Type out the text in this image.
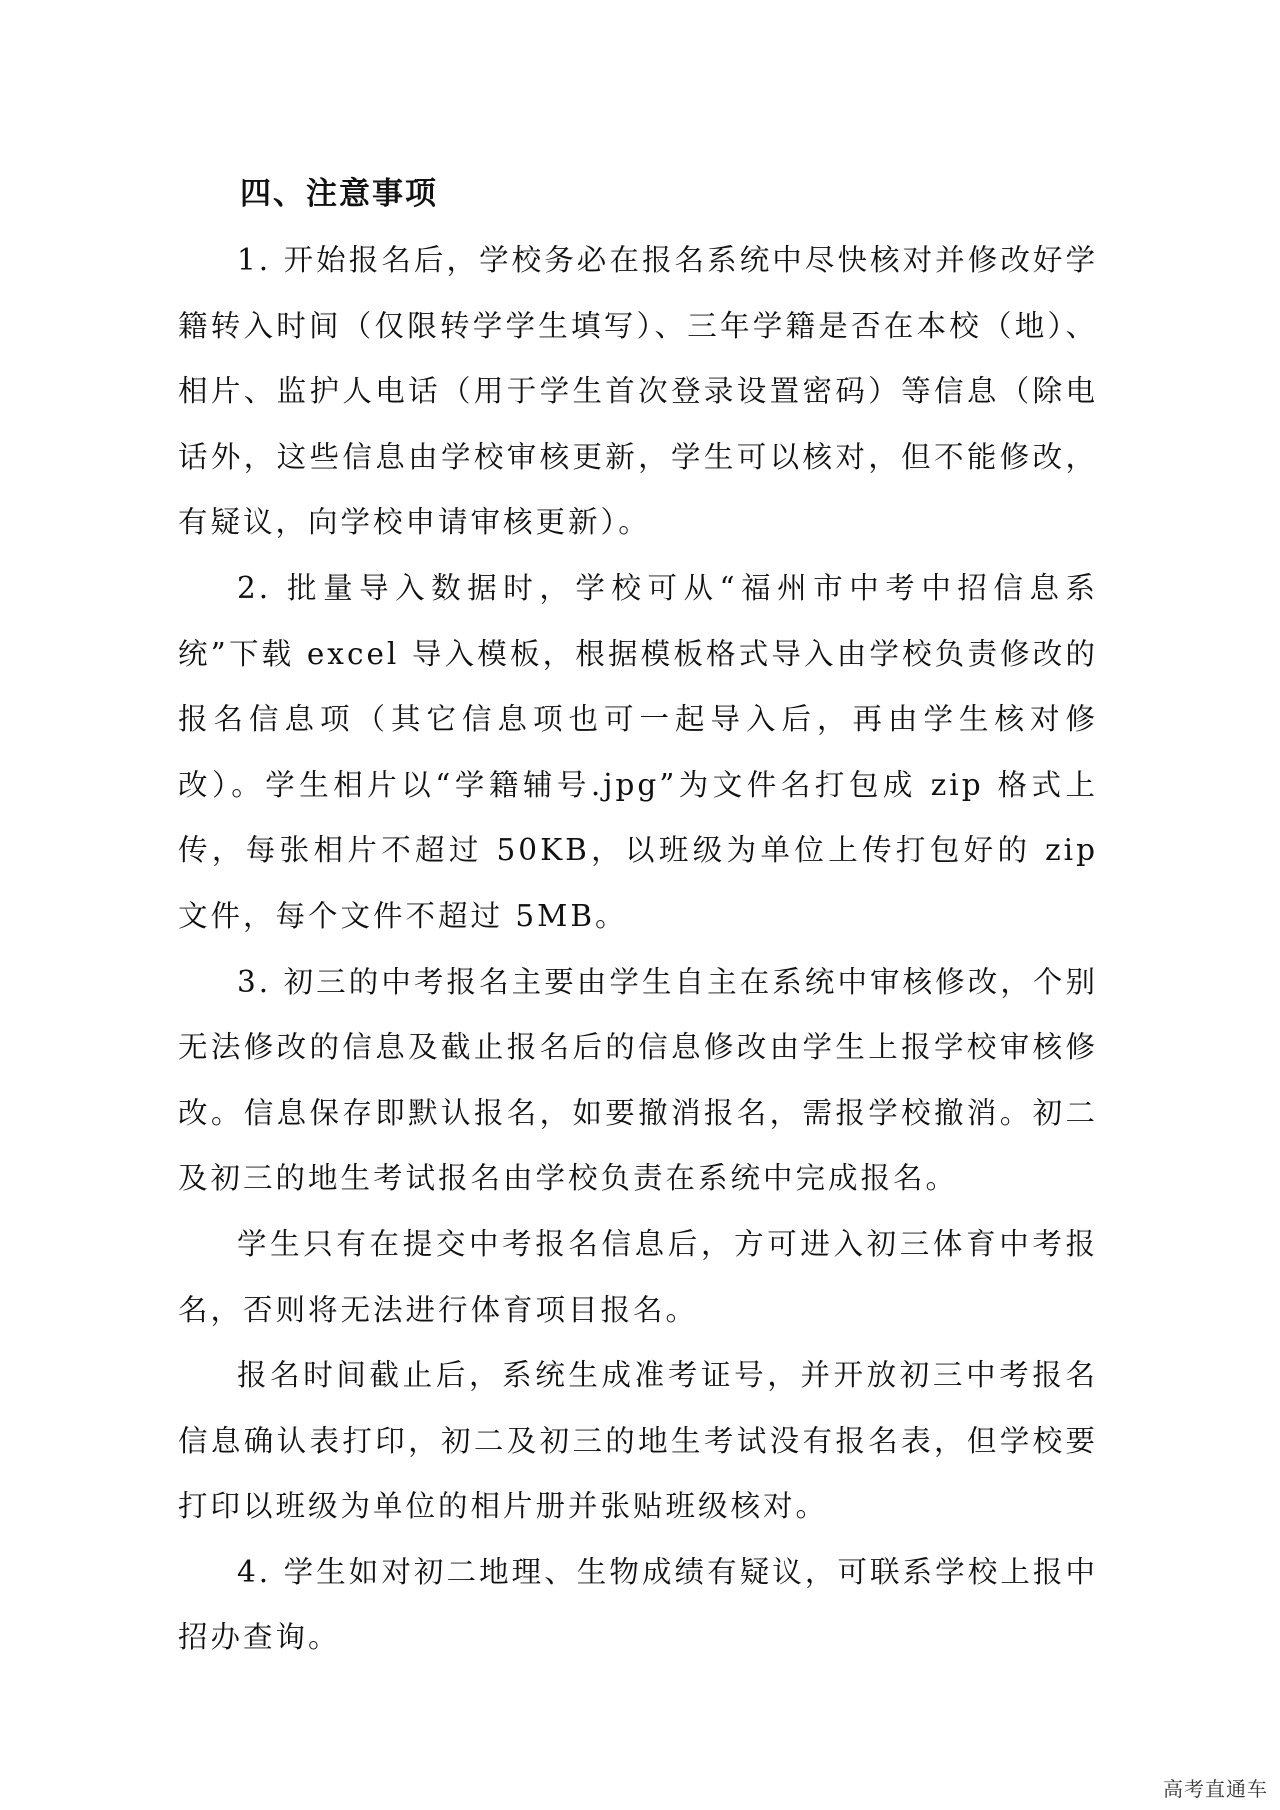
四、注意事项

1. 开始报名后，学校务必在报名系统中尽快核对并修改好学籍转入时间（仅限转学学生填写）、三年学籍是否在本校（地）、相片、监护人电话（用于学生首次登录设置密码）等信息（除电话外，这些信息由学校审核更新，学生可以核对，但不能修改，有疑议，向学校申请审核更新）。

2. 批量导入数据时，学校可从“福州市中考中招信息系统”下载 excel 导入模板，根据模板格式导入由学校负责修改的报名信息项（其它信息项也可一起导入后，再由学生核对修改）。学生相片以“学籍辅号.jpg”为文件名打包成 zip 格式上传，每张相片不超过 50KB，以班级为单位上传打包好的 zip 文件，每个文件不超过 5MB。

3. 初三的中考报名主要由学生自主在系统中审核修改，个别无法修改的信息及截止报名后的信息修改由学生上报学校审核修改。信息保存即默认报名，如要撤消报名，需报学校撤消。初二及初三的地生考试报名由学校负责在系统中完成报名。

学生只有在提交中考报名信息后，方可进入初三体育中考报名，否则将无法进行体育项目报名。

报名时间截止后，系统生成准考证号，并开放初三中考报名信息确认表打印，初二及初三的地生考试没有报名表，但学校要打印以班级为单位的相片册并张贴班级核对。

4. 学生如对初二地理、生物成绩有疑议，可联系学校上报中招办查询。

高考直通车
